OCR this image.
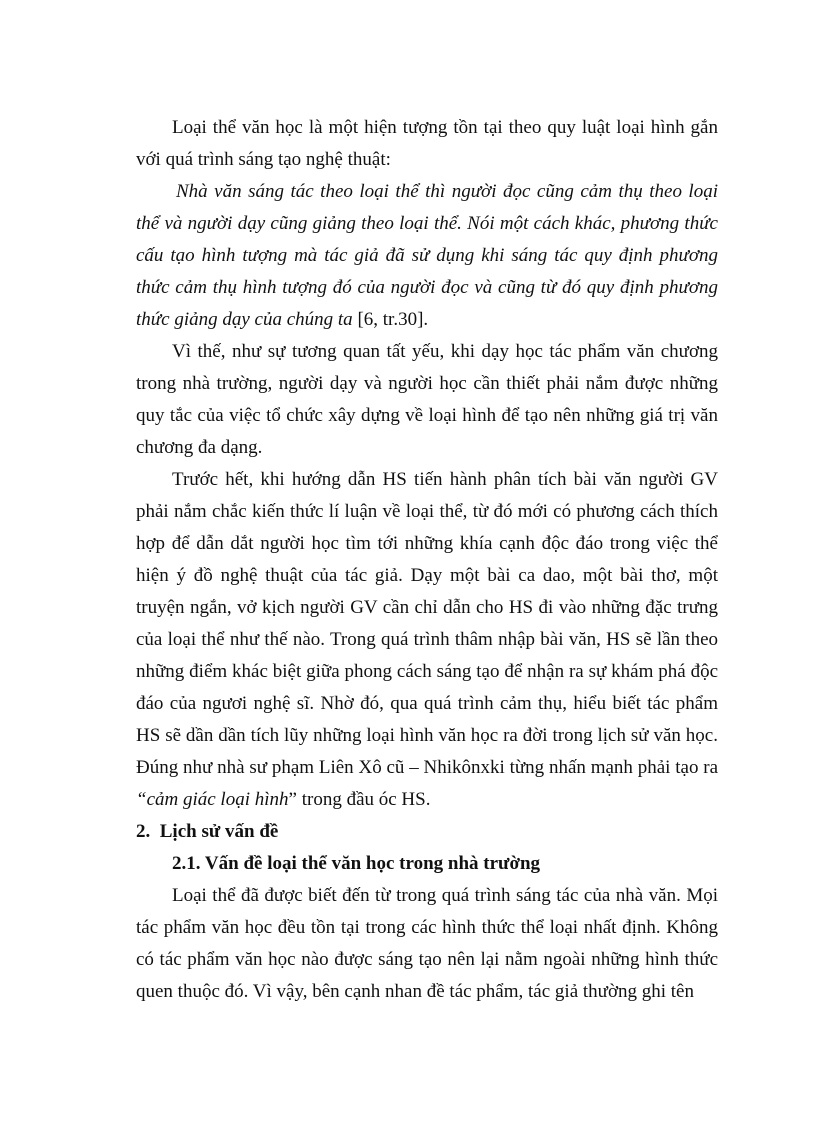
Loại thể văn học là một hiện tượng tồn tại theo quy luật loại hình gắn với quá trình sáng tạo nghệ thuật:

Nhà văn sáng tác theo loại thể thì người đọc cũng cảm thụ theo loại thể và người dạy cũng giảng theo loại thể. Nói một cách khác, phương thức cấu tạo hình tượng mà tác giả đã sử dụng khi sáng tác quy định phương thức cảm thụ hình tượng đó của người đọc và cũng từ đó quy định phương thức giảng dạy của chúng ta [6, tr.30].

Vì thế, như sự tương quan tất yếu, khi dạy học tác phẩm văn chương trong nhà trường, người dạy và người học cần thiết phải nắm được những quy tắc của việc tổ chức xây dựng về loại hình để tạo nên những giá trị văn chương đa dạng.

Trước hết, khi hướng dẫn HS tiến hành phân tích bài văn người GV phải nắm chắc kiến thức lí luận về loại thể, từ đó mới có phương cách thích hợp để dẫn dắt người học tìm tới những khía cạnh độc đáo trong việc thể hiện ý đồ nghệ thuật của tác giả. Dạy một bài ca dao, một bài thơ, một truyện ngắn, vở kịch người GV cần chỉ dẫn cho HS đi vào những đặc trưng của loại thể như thế nào. Trong quá trình thâm nhập bài văn, HS sẽ lần theo những điểm khác biệt giữa phong cách sáng tạo để nhận ra sự khám phá độc đáo của ngươi nghệ sĩ. Nhờ đó, qua quá trình cảm thụ, hiểu biết tác phẩm HS sẽ dần dần tích lũy những loại hình văn học ra đời trong lịch sử văn học. Đúng như nhà sư phạm Liên Xô cũ – Nhikônxki từng nhấn mạnh phải tạo ra “cảm giác loại hình” trong đầu óc HS.

2. Lịch sử vấn đề

2.1. Vấn đề loại thể văn học trong nhà trường

Loại thể đã được biết đến từ trong quá trình sáng tác của nhà văn. Mọi tác phẩm văn học đều tồn tại trong các hình thức thể loại nhất định. Không có tác phẩm văn học nào được sáng tạo nên lại nằm ngoài những hình thức quen thuộc đó. Vì vậy, bên cạnh nhan đề tác phẩm, tác giả thường ghi tên
